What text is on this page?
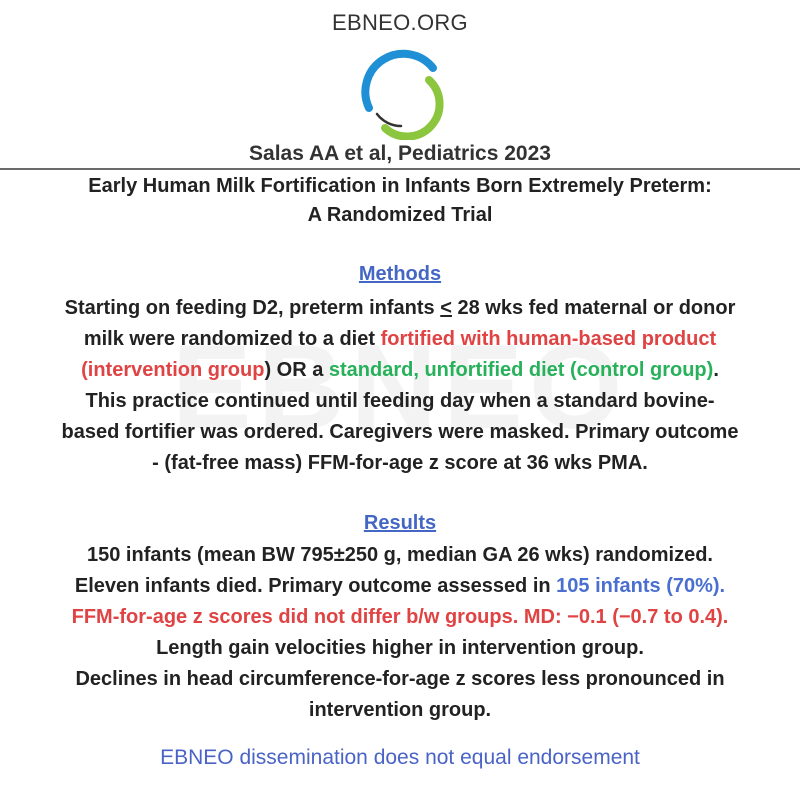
EBNEO.ORG
Salas AA et al, Pediatrics 2023
Early Human Milk Fortification in Infants Born Extremely Preterm:
A Randomized Trial
Methods
Starting on feeding D2, preterm infants ≤ 28 wks fed maternal or donor
milk were randomized to a diet fortified with human-based product
(intervention group) OR a standard, unfortified diet (control group).
This practice continued until feeding day when a standard bovine-
based fortifier was ordered. Caregivers were masked. Primary outcome
- (fat-free mass) FFM-for-age z score at 36 wks PMA.
Results
150 infants (mean BW 795±250 g, median GA 26 wks) randomized.
Eleven infants died. Primary outcome assessed in 105 infants (70%).
FFM-for-age z scores did not differ b/w groups. MD: −0.1 (−0.7 to 0.4).
Length gain velocities higher in intervention group.
Declines in head circumference-for-age z scores less pronounced in
intervention group.
EBNEO dissemination does not equal endorsement
